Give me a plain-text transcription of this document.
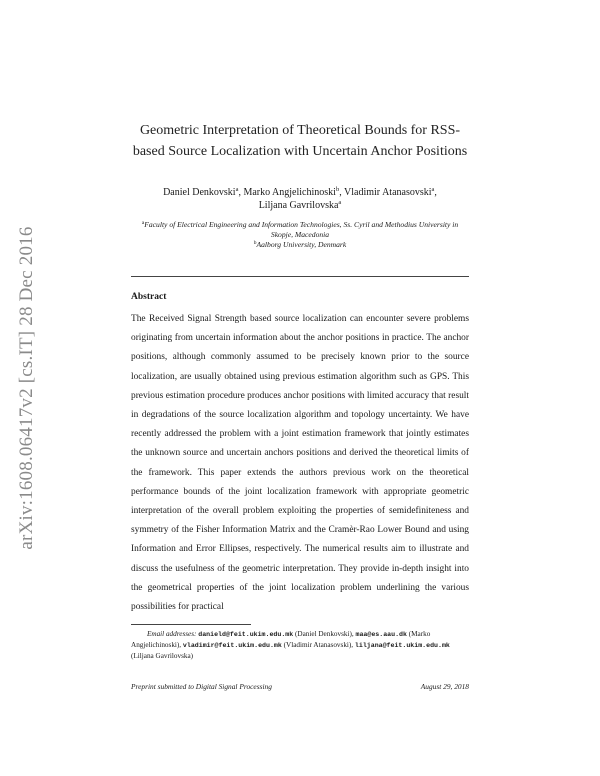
arXiv:1608.06417v2 [cs.IT] 28 Dec 2016
Geometric Interpretation of Theoretical Bounds for RSS-based Source Localization with Uncertain Anchor Positions
Daniel Denkovski$^a$, Marko Angjelichinoski$^b$, Vladimir Atanasovski$^a$,
Liljana Gavrilovska$^a$
$^a$Faculty of Electrical Engineering and Information Technologies, Ss. Cyril and Methodius University in Skopje, Macedonia
$^b$Aalborg University, Denmark
Abstract

The Received Signal Strength based source localization can encounter severe problems originating from uncertain information about the anchor positions in practice. The anchor positions, although commonly assumed to be precisely known prior to the source localization, are usually obtained using previous estimation algorithm such as GPS. This previous estimation procedure produces anchor positions with limited accuracy that result in degradations of the source localization algorithm and topology uncertainty. We have recently addressed the problem with a joint estimation framework that jointly estimates the unknown source and uncertain anchors positions and derived the theoretical limits of the framework. This paper extends the authors previous work on the theoretical performance bounds of the joint localization framework with appropriate geometric interpretation of the overall problem exploiting the properties of semidefiniteness and symmetry of the Fisher Information Matrix and the Cramèr-Rao Lower Bound and using Information and Error Ellipses, respectively. The numerical results aim to illustrate and discuss the usefulness of the geometric interpretation. They provide in-depth insight into the geometrical properties of the joint localization problem underlining the various possibilities for practical

Email addresses: danield@feit.ukim.edu.mk (Daniel Denkovski), maa@es.aau.dk (Marko Angjelichinoski), vladimir@feit.ukim.edu.mk (Vladimir Atanasovski), liljana@feit.ukim.edu.mk (Liljana Gavrilovska)
Preprint submitted to Digital Signal Processing	August 29, 2018
